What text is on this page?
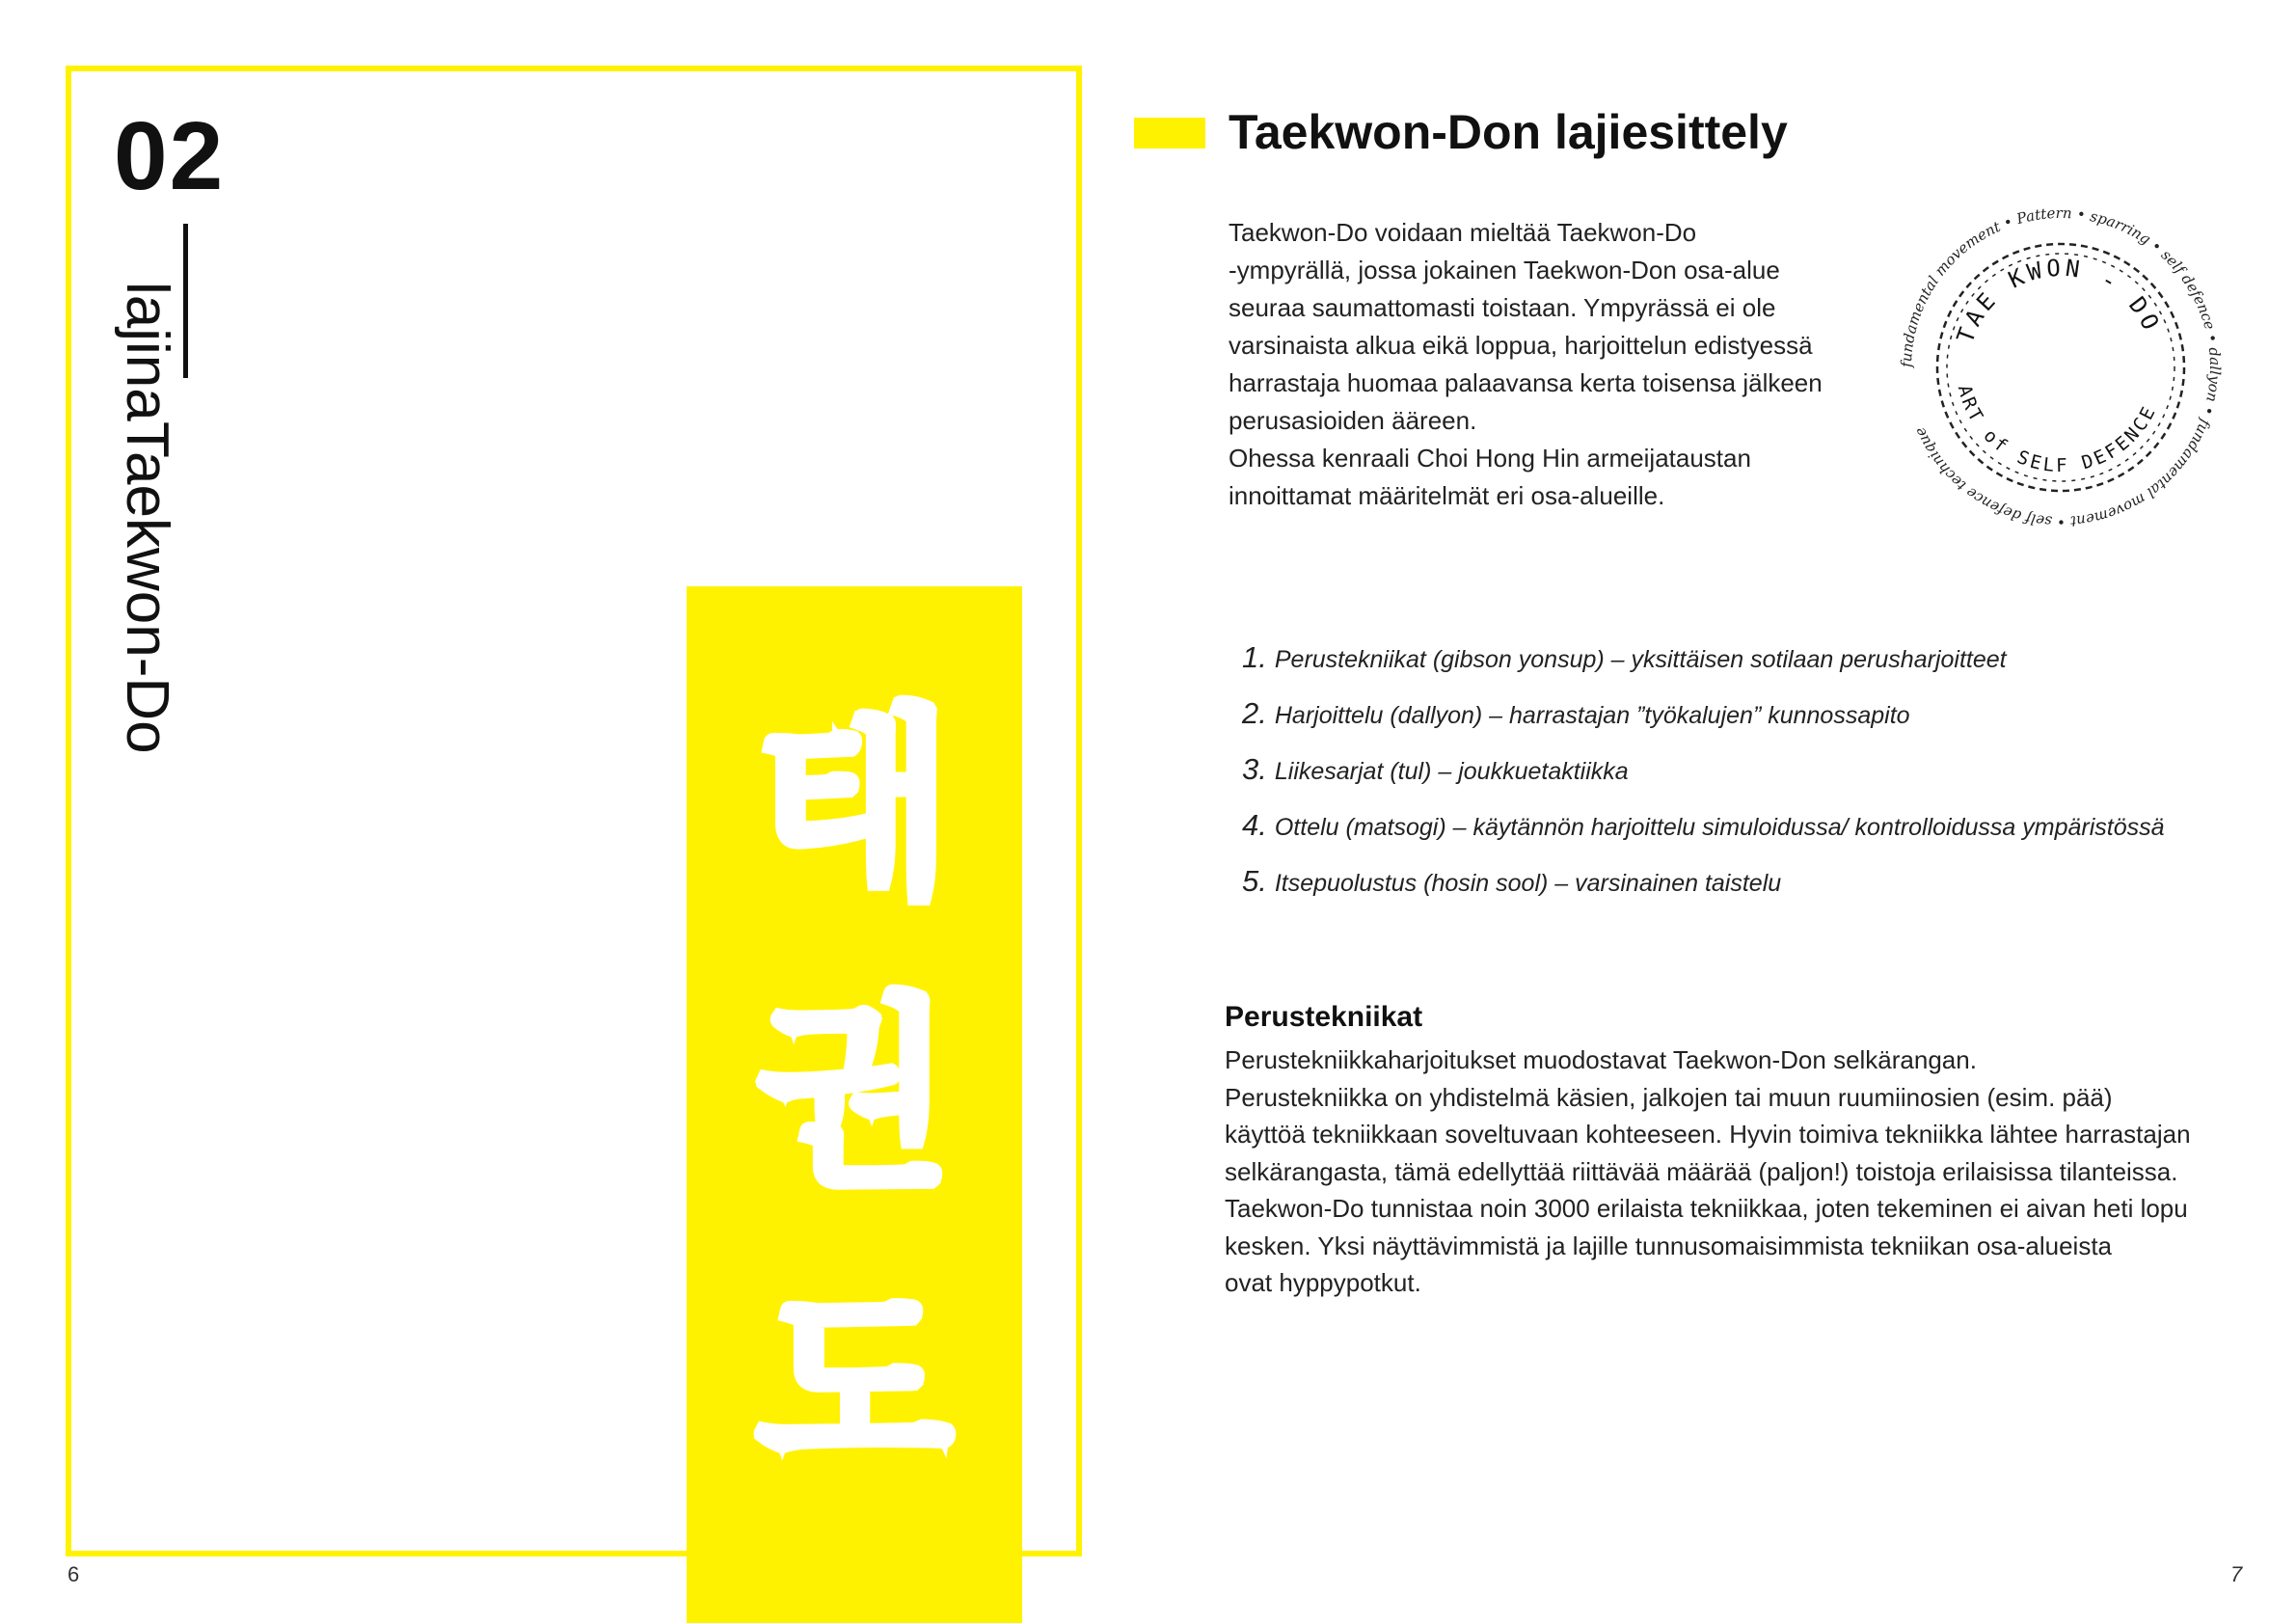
02
Taekwon-Do
lajina
태
권
도
6
Taekwon-Don lajiesittely

Taekwon-Do voidaan mieltää Taekwon-Do

-ympyrällä, jossa jokainen Taekwon-Don osa-alue

seuraa saumattomasti toistaan. Ympyrässä ei ole

varsinaista alkua eikä loppua, harjoittelun edistyessä

harrastaja huomaa palaavansa kerta toisensa jälkeen

perusasioiden ääreen.

Ohessa kenraali Choi Hong Hin armeijataustan

innoittamat määritelmät eri osa-alueille.

fundamental movement • Pattern • sparring • self defence • dallyon • fundamental movement • self defence technique
TAE KWON - DO
ART of SELF DEFENCE
1. Perustekniikat (gibson yonsup) – yksittäisen sotilaan perusharjoitteet
2. Harjoittelu (dallyon) – harrastajan ”työkalujen” kunnossapito
3. Liikesarjat (tul) – joukkuetaktiikka
4. Ottelu (matsogi) – käytännön harjoittelu simuloidussa/ kontrolloidussa ympäristössä
5. Itsepuolustus (hosin sool) – varsinainen taistelu
Perustekniikat

Perustekniikkaharjoitukset muodostavat Taekwon-Don selkärangan.

Perustekniikka on yhdistelmä käsien, jalkojen tai muun ruumiinosien (esim. pää)

käyttöä tekniikkaan soveltuvaan kohteeseen. Hyvin toimiva tekniikka lähtee harrastajan

selkärangasta, tämä edellyttää riittävää määrää (paljon!) toistoja erilaisissa tilanteissa.

Taekwon-Do tunnistaa noin 3000 erilaista tekniikkaa, joten tekeminen ei aivan heti lopu

kesken. Yksi näyttävimmistä ja lajille tunnusomaisimmista tekniikan osa-alueista

ovat hyppypotkut.

7
